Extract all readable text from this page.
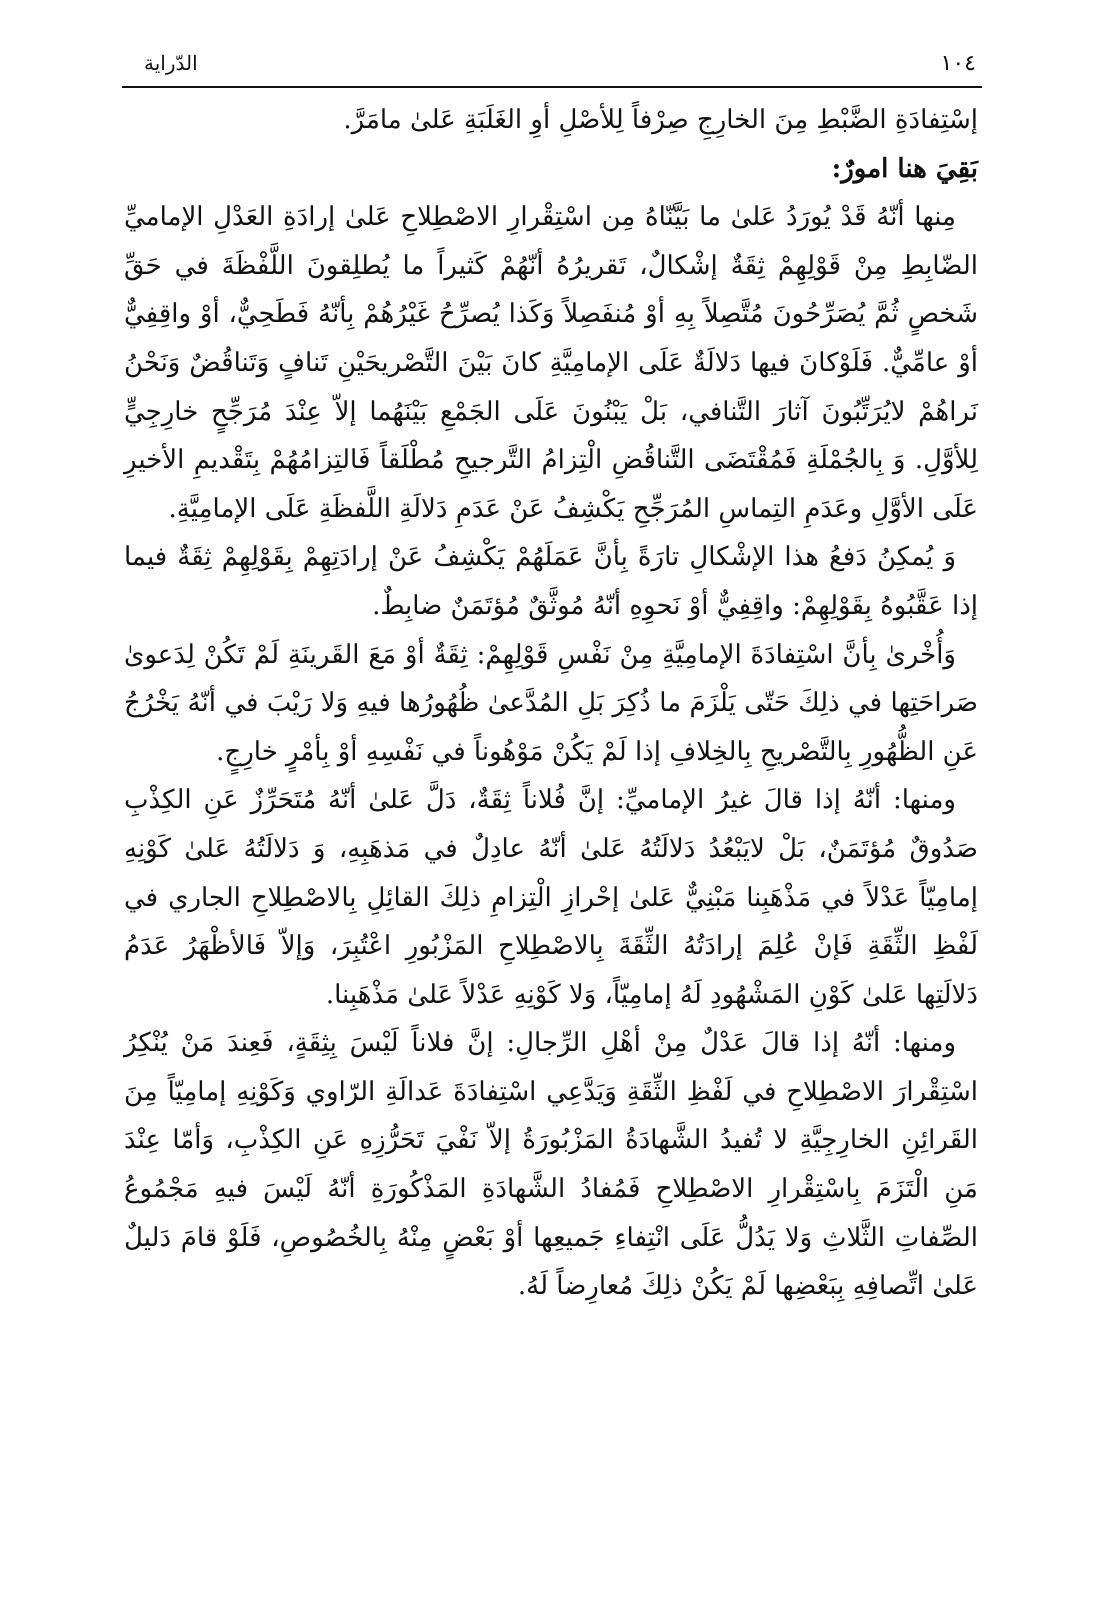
الدّراية	١٠٤

إسْتِفادَةِ الضَّبْطِ مِنَ الخارِجِ صِرْفاً لِلأصْلِ أوِ الغَلَبَةِ عَلىٰ مامَرَّ.

بَقِيَ هنا امورٌ:

مِنها أنّهُ قَدْ يُورَدُ عَلىٰ ما بَيَّنّاهُ مِن اسْتِقْرارِ الاصْطِلاحِ عَلىٰ إرادَةِ العَدْلِ الإماميِّ الضّابِطِ مِنْ قَوْلِهِمْ ثِقَةٌ إشْكالٌ، تَقريرُهُ أنّهُمْ كَثيراً ما يُطلِقونَ اللَّفْظَةَ في حَقِّ شَخصٍ ثُمَّ يُصَرِّحُونَ مُتَّصِلاً بِهِ أوْ مُنفَصِلاً وَكَذا يُصرِّحُ غَيْرُهُمْ بِأنّهُ فَطَحِيٌّ، أوْ واقِفِيٌّ أوْ عامِّيٌّ. فَلَوْكانَ فيها دَلالَةٌ عَلَى الإمامِيَّةِ كانَ بَيْنَ التَّصْريحَيْنِ تَنافٍ وَتَناقُضٌ وَنَحْنُ نَراهُمْ لايُرَتِّبُونَ آثارَ التَّنافي، بَلْ يَبْنُونَ عَلَى الجَمْعِ بَيْنَهُما إلاّ عِنْدَ مُرَجِّحٍ خارِجِيٍّ لِلأوَّلِ. وَ بِالجُمْلَةِ فَمُقْتَضَى التَّناقُضِ الْتِزامُ التَّرجيحِ مُطْلَقاً فَالتِزامُهُمْ بِتَقْديمِ الأخيرِ عَلَى الأوَّلِ وعَدَمِ التِماسِ المُرَجِّحِ يَكْشِفُ عَنْ عَدَمِ دَلالَةِ اللَّفظَةِ عَلَى الإمامِيَّةِ.

وَ يُمكِنُ دَفعُ هذا الإشْكالِ تارَةً بِأنَّ عَمَلَهُمْ يَكْشِفُ عَنْ إرادَتِهِمْ بِقَوْلِهِمْ ثِقَةٌ فيما إذا عَقَّبُوهُ بِقَوْلِهِمْ: واقِفِيٌّ أوْ نَحوِهِ أنّهُ مُوثَّقٌ مُؤتَمَنٌ ضابِطٌ.

وَأُخْرىٰ بِأنَّ اسْتِفادَةَ الإمامِيَّةِ مِنْ نَفْسِ قَوْلِهِمْ: ثِقَةٌ أوْ مَعَ القَرينَةِ لَمْ تَكُنْ لِدَعوىٰ صَراحَتِها في ذلِكَ حَتّى يَلْزَمَ ما ذُكِرَ بَلِ المُدَّعىٰ ظُهُورُها فيهِ وَلا رَيْبَ في أنّهُ يَخْرُجُ عَنِ الظُّهُورِ بِالتَّصْريحِ بِالخِلافِ إذا لَمْ يَكُنْ مَوْهُوناً في نَفْسِهِ أوْ بِأمْرٍ خارِجٍ.

ومنها: أنّهُ إذا قالَ غيرُ الإماميِّ: إنَّ فُلاناً ثِقَةٌ، دَلَّ عَلىٰ أنّهُ مُتَحَرِّزٌ عَنِ الكِذْبِ صَدُوقٌ مُؤتَمَنٌ، بَلْ لايَبْعُدُ دَلالَتُهُ عَلىٰ أنّهُ عادِلٌ في مَذهَبِهِ، وَ دَلالَتُهُ عَلىٰ كَوْنِهِ إمامِيّاً عَدْلاً في مَذْهَبِنا مَبْنِيٌّ عَلىٰ إحْرازِ الْتِزامِ ذلِكَ القائِلِ بِالاصْطِلاحِ الجاري في لَفْظِ الثِّقَةِ فَإنْ عُلِمَ إرادَتُهُ الثِّقَةَ بِالاصْطِلاحِ المَزْبُورِ اعْتُبِرَ، وَإلاّ فَالأظْهَرُ عَدَمُ دَلالَتِها عَلىٰ كَوْنِ المَشْهُودِ لَهُ إمامِيّاً، وَلا كَوْنِهِ عَدْلاً عَلىٰ مَذْهَبِنا.

ومنها: أنّهُ إذا قالَ عَدْلٌ مِنْ أهْلِ الرِّجالِ: إنَّ فلاناً لَيْسَ بِثِقَةٍ، فَعِندَ مَنْ يُنْكِرُ اسْتِقْرارَ الاصْطِلاحِ في لَفْظِ الثِّقَةِ وَيَدَّعِي اسْتِفادَةَ عَدالَةِ الرّاوي وَكَوْنِهِ إمامِيّاً مِنَ القَرائِنِ الخارِجِيَّةِ لا تُفيدُ الشَّهادَةُ المَزْبُورَةُ إلاّ نَفْيَ تَحَرُّزِهِ عَنِ الكِذْبِ، وَأمّا عِنْدَ مَنِ الْتَزَمَ بِاسْتِقْرارِ الاصْطِلاحِ فَمُفادُ الشَّهادَةِ المَذْكُورَةِ أنّهُ لَيْسَ فيهِ مَجْمُوعُ الصِّفاتِ الثَّلاثِ وَلا يَدُلُّ عَلَى انْتِفاءِ جَميعِها أوْ بَعْضٍ مِنْهُ بِالخُصُوصِ، فَلَوْ قامَ دَليلٌ عَلىٰ اتِّصافِهِ بِبَعْضِها لَمْ يَكُنْ ذلِكَ مُعارِضاً لَهُ.
